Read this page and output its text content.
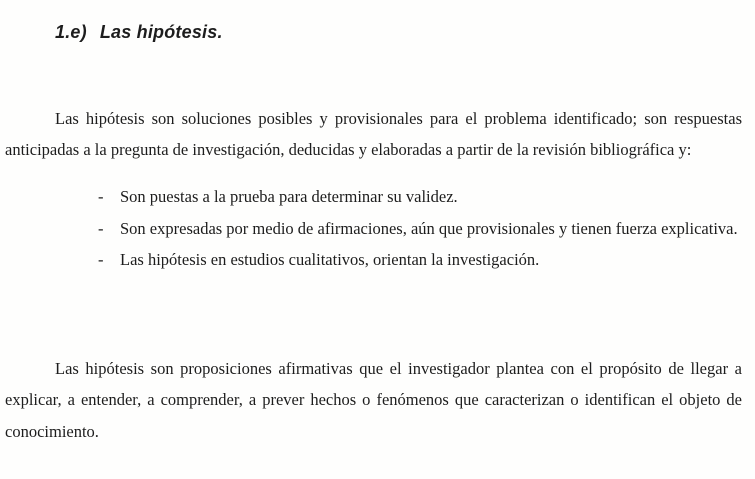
1.e) Las hipótesis.

Las hipótesis son soluciones posibles y provisionales para el problema identificado; son respuestas anticipadas a la pregunta de investigación, deducidas y elaboradas a partir de la revisión bibliográfica y:

- Son puestas a la prueba para determinar su validez.
- Son expresadas por medio de afirmaciones, aún que provisionales y tienen fuerza explicativa.
- Las hipótesis en estudios cualitativos, orientan la investigación.

Las hipótesis son proposiciones afirmativas que el investigador plantea con el propósito de llegar a explicar, a entender, a comprender, a prever hechos o fenómenos que caracterizan o identifican el objeto de conocimiento.
